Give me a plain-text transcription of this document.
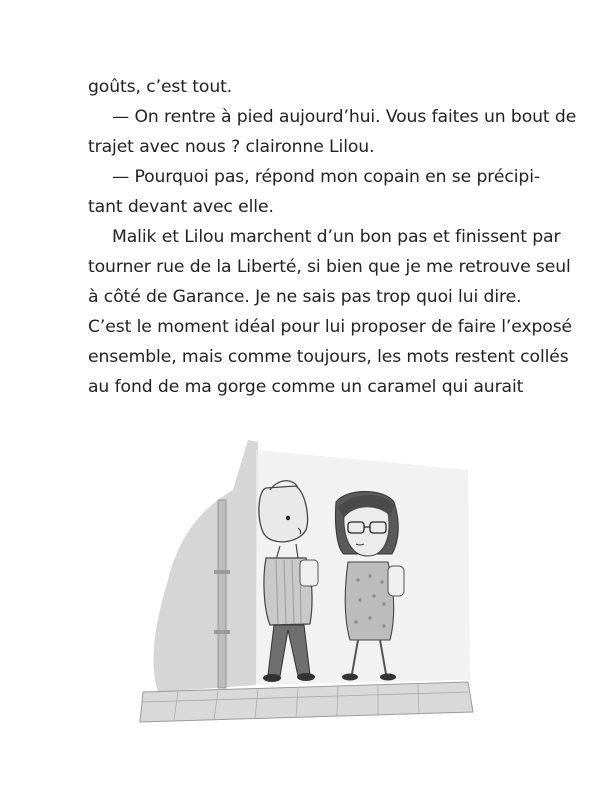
goûts, c’est tout.
— On rentre à pied aujourd’hui. Vous faites un bout de
trajet avec nous ? claironne Lilou.
— Pourquoi pas, répond mon copain en se précipi-
tant devant avec elle.
Malik et Lilou marchent d’un bon pas et finissent par
tourner rue de la Liberté, si bien que je me retrouve seul
à côté de Garance. Je ne sais pas trop quoi lui dire.
C’est le moment idéal pour lui proposer de faire l’exposé
ensemble, mais comme toujours, les mots restent collés
au fond de ma gorge comme un caramel qui aurait
